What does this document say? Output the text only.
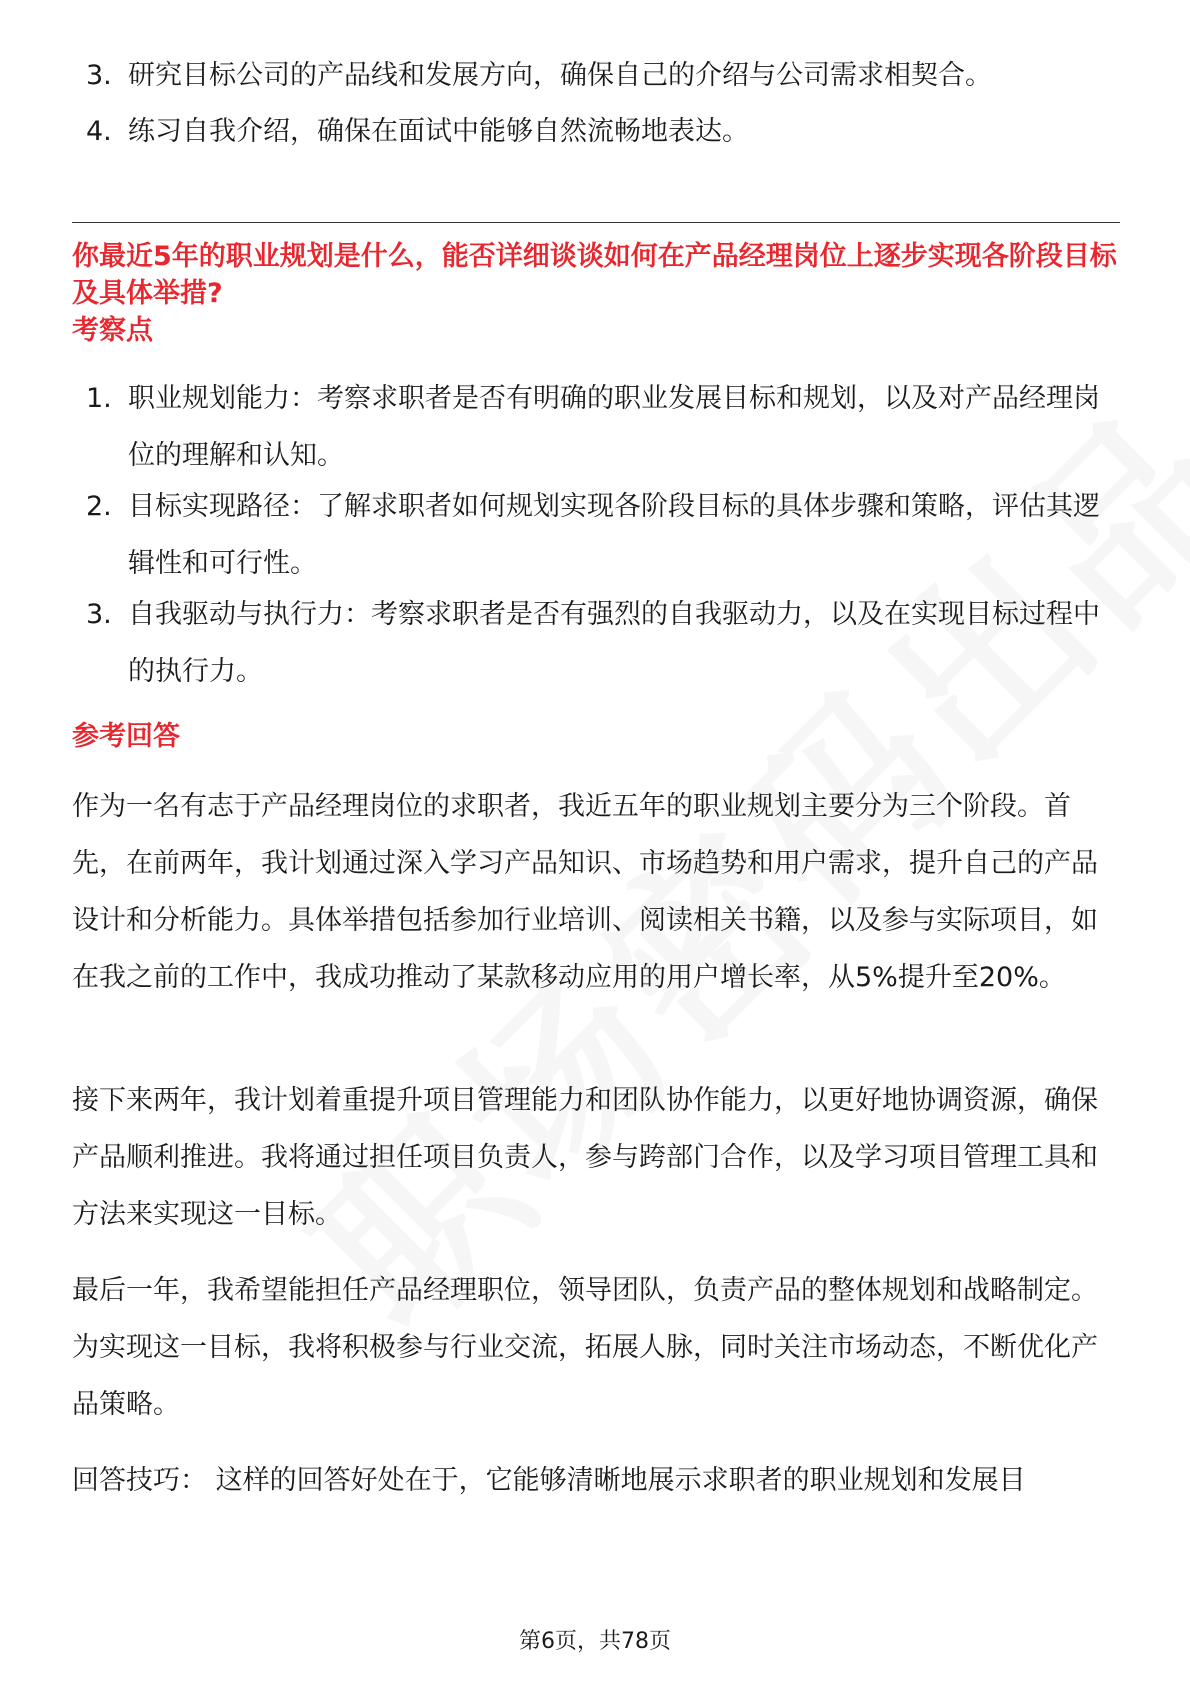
3. 研究目标公司的产品线和发展方向，确保自己的介绍与公司需求相契合。
4. 练习自我介绍，确保在面试中能够自然流畅地表达。
你最近5年的职业规划是什么，能否详细谈谈如何在产品经理岗位上逐步实现各阶段目标及具体举措?
考察点
1. 职业规划能力：考察求职者是否有明确的职业发展目标和规划，以及对产品经理岗位的理解和认知。
2. 目标实现路径：了解求职者如何规划实现各阶段目标的具体步骤和策略，评估其逻辑性和可行性。
3. 自我驱动与执行力：考察求职者是否有强烈的自我驱动力，以及在实现目标过程中的执行力。
参考回答
作为一名有志于产品经理岗位的求职者，我近五年的职业规划主要分为三个阶段。首先，在前两年，我计划通过深入学习产品知识、市场趋势和用户需求，提升自己的产品设计和分析能力。具体举措包括参加行业培训、阅读相关书籍，以及参与实际项目，如在我之前的工作中，我成功推动了某款移动应用的用户增长率，从5%提升至20%。
接下来两年，我计划着重提升项目管理能力和团队协作能力，以更好地协调资源，确保产品顺利推进。我将通过担任项目负责人，参与跨部门合作，以及学习项目管理工具和方法来实现这一目标。
最后一年，我希望能担任产品经理职位，领导团队，负责产品的整体规划和战略制定。为实现这一目标，我将积极参与行业交流，拓展人脉，同时关注市场动态，不断优化产品策略。
回答技巧： 这样的回答好处在于，它能够清晰地展示求职者的职业规划和发展目
第6页，共78页
